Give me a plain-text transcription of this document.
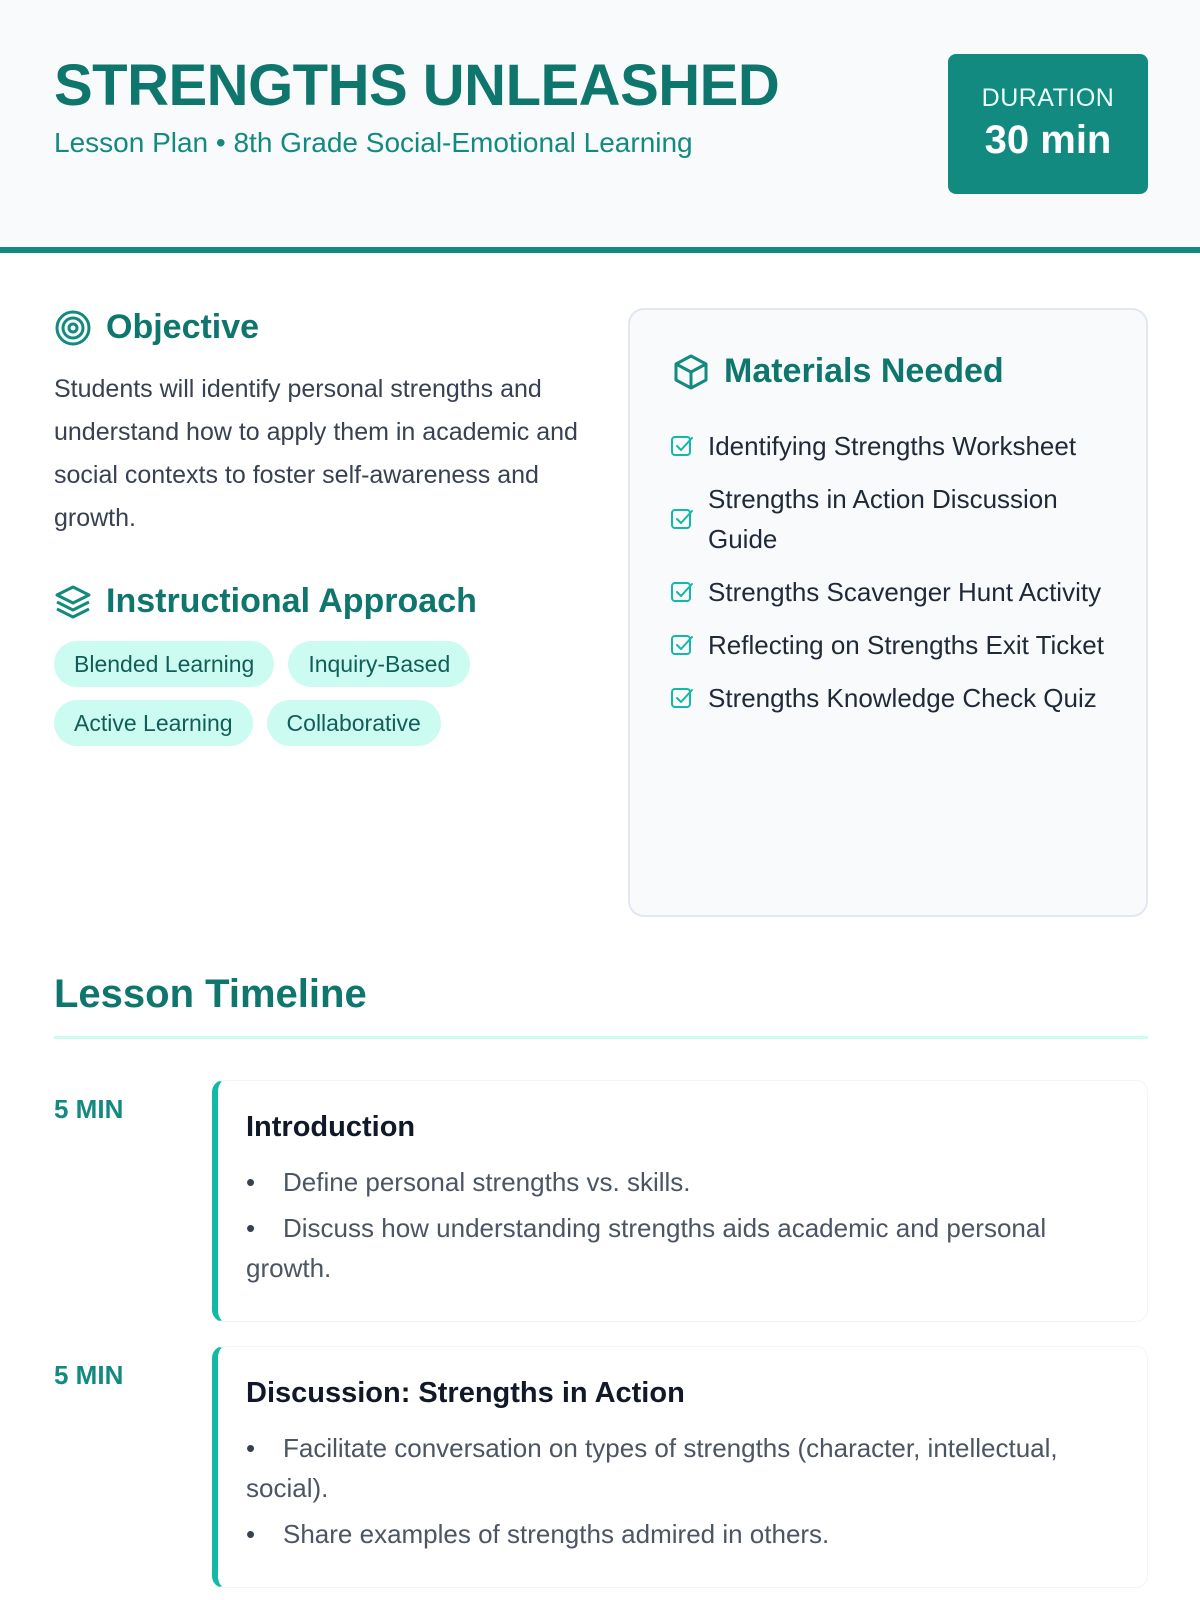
STRENGTHS UNLEASHED
Lesson Plan • 8th Grade Social-Emotional Learning
DURATION
30 min
Objective

Students will identify personal strengths and understand how to apply them in academic and social contexts to foster self-awareness and growth.

Instructional Approach
Blended Learning	Inquiry-Based
Active Learning	Collaborative
Materials Needed
Identifying Strengths Worksheet
Strengths in Action Discussion Guide
Strengths Scavenger Hunt Activity
Reflecting on Strengths Exit Ticket
Strengths Knowledge Check Quiz
Lesson Timeline
5 MIN
Introduction
• Define personal strengths vs. skills.
• Discuss how understanding strengths aids academic and personal growth.
5 MIN
Discussion: Strengths in Action
• Facilitate conversation on types of strengths (character, intellectual, social).
• Share examples of strengths admired in others.
